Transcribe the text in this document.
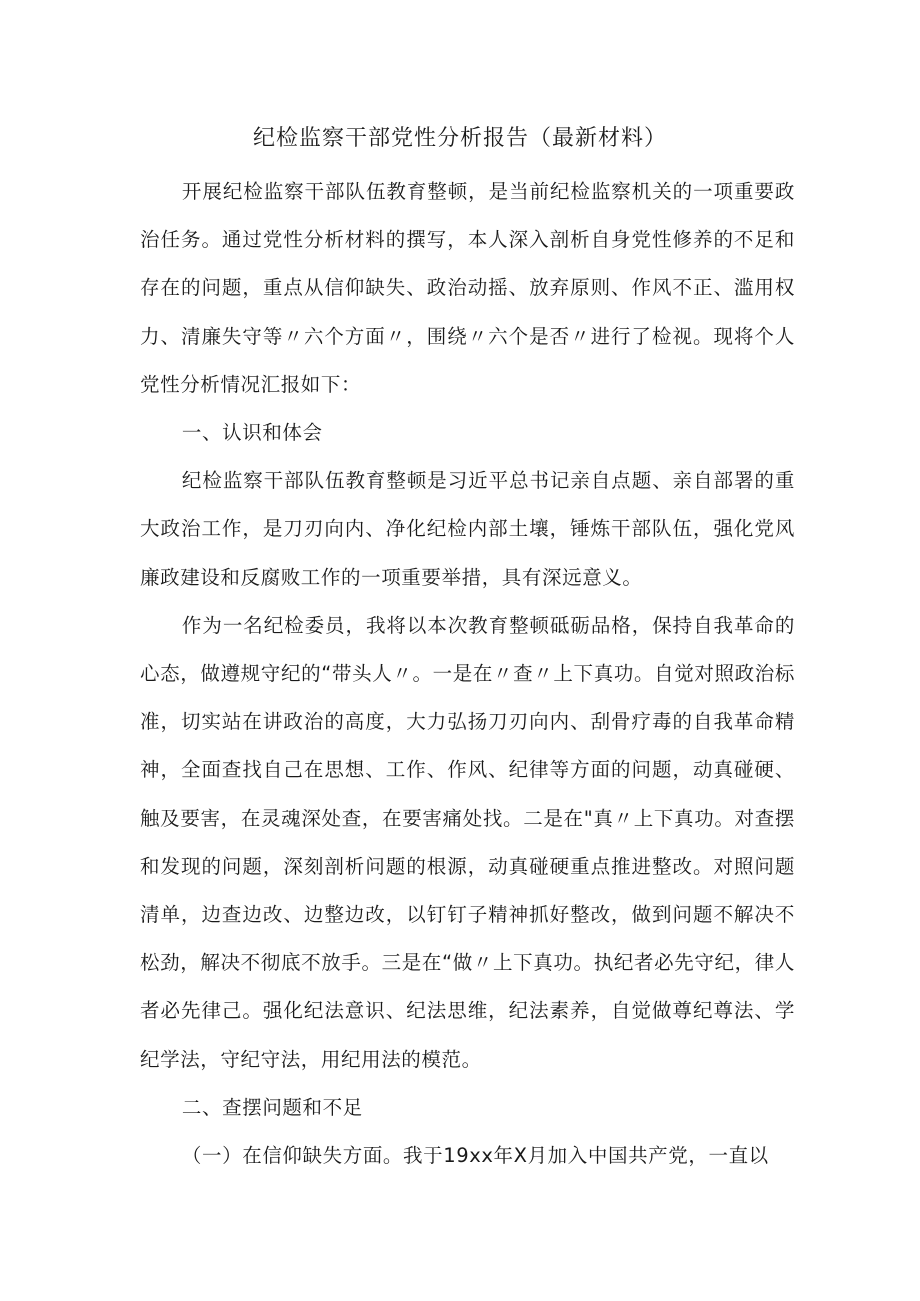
纪检监察干部党性分析报告（最新材料）

开展纪检监察干部队伍教育整顿，是当前纪检监察机关的一项重要政治任务。通过党性分析材料的撰写，本人深入剖析自身党性修养的不足和存在的问题，重点从信仰缺失、政治动摇、放弃原则、作风不正、滥用权力、清廉失守等〃六个方面〃，围绕〃六个是否〃进行了检视。现将个人党性分析情况汇报如下：

一、认识和体会

纪检监察干部队伍教育整顿是习近平总书记亲自点题、亲自部署的重大政治工作，是刀刃向内、净化纪检内部土壤，锤炼干部队伍，强化党风廉政建设和反腐败工作的一项重要举措，具有深远意义。

作为一名纪检委员，我将以本次教育整顿砥砺品格，保持自我革命的心态，做遵规守纪的“带头人〃。一是在〃查〃上下真功。自觉对照政治标准，切实站在讲政治的高度，大力弘扬刀刃向内、刮骨疗毒的自我革命精神，全面查找自己在思想、工作、作风、纪律等方面的问题，动真碰硬、触及要害，在灵魂深处查，在要害痛处找。二是在"真〃上下真功。对查摆和发现的问题，深刻剖析问题的根源，动真碰硬重点推进整改。对照问题清单，边查边改、边整边改，以钉钉子精神抓好整改，做到问题不解决不松劲，解决不彻底不放手。三是在“做〃上下真功。执纪者必先守纪，律人者必先律己。强化纪法意识、纪法思维，纪法素养，自觉做尊纪尊法、学纪学法，守纪守法，用纪用法的模范。

二、查摆问题和不足

（一）在信仰缺失方面。我于19xx年X月加入中国共产党，一直以
